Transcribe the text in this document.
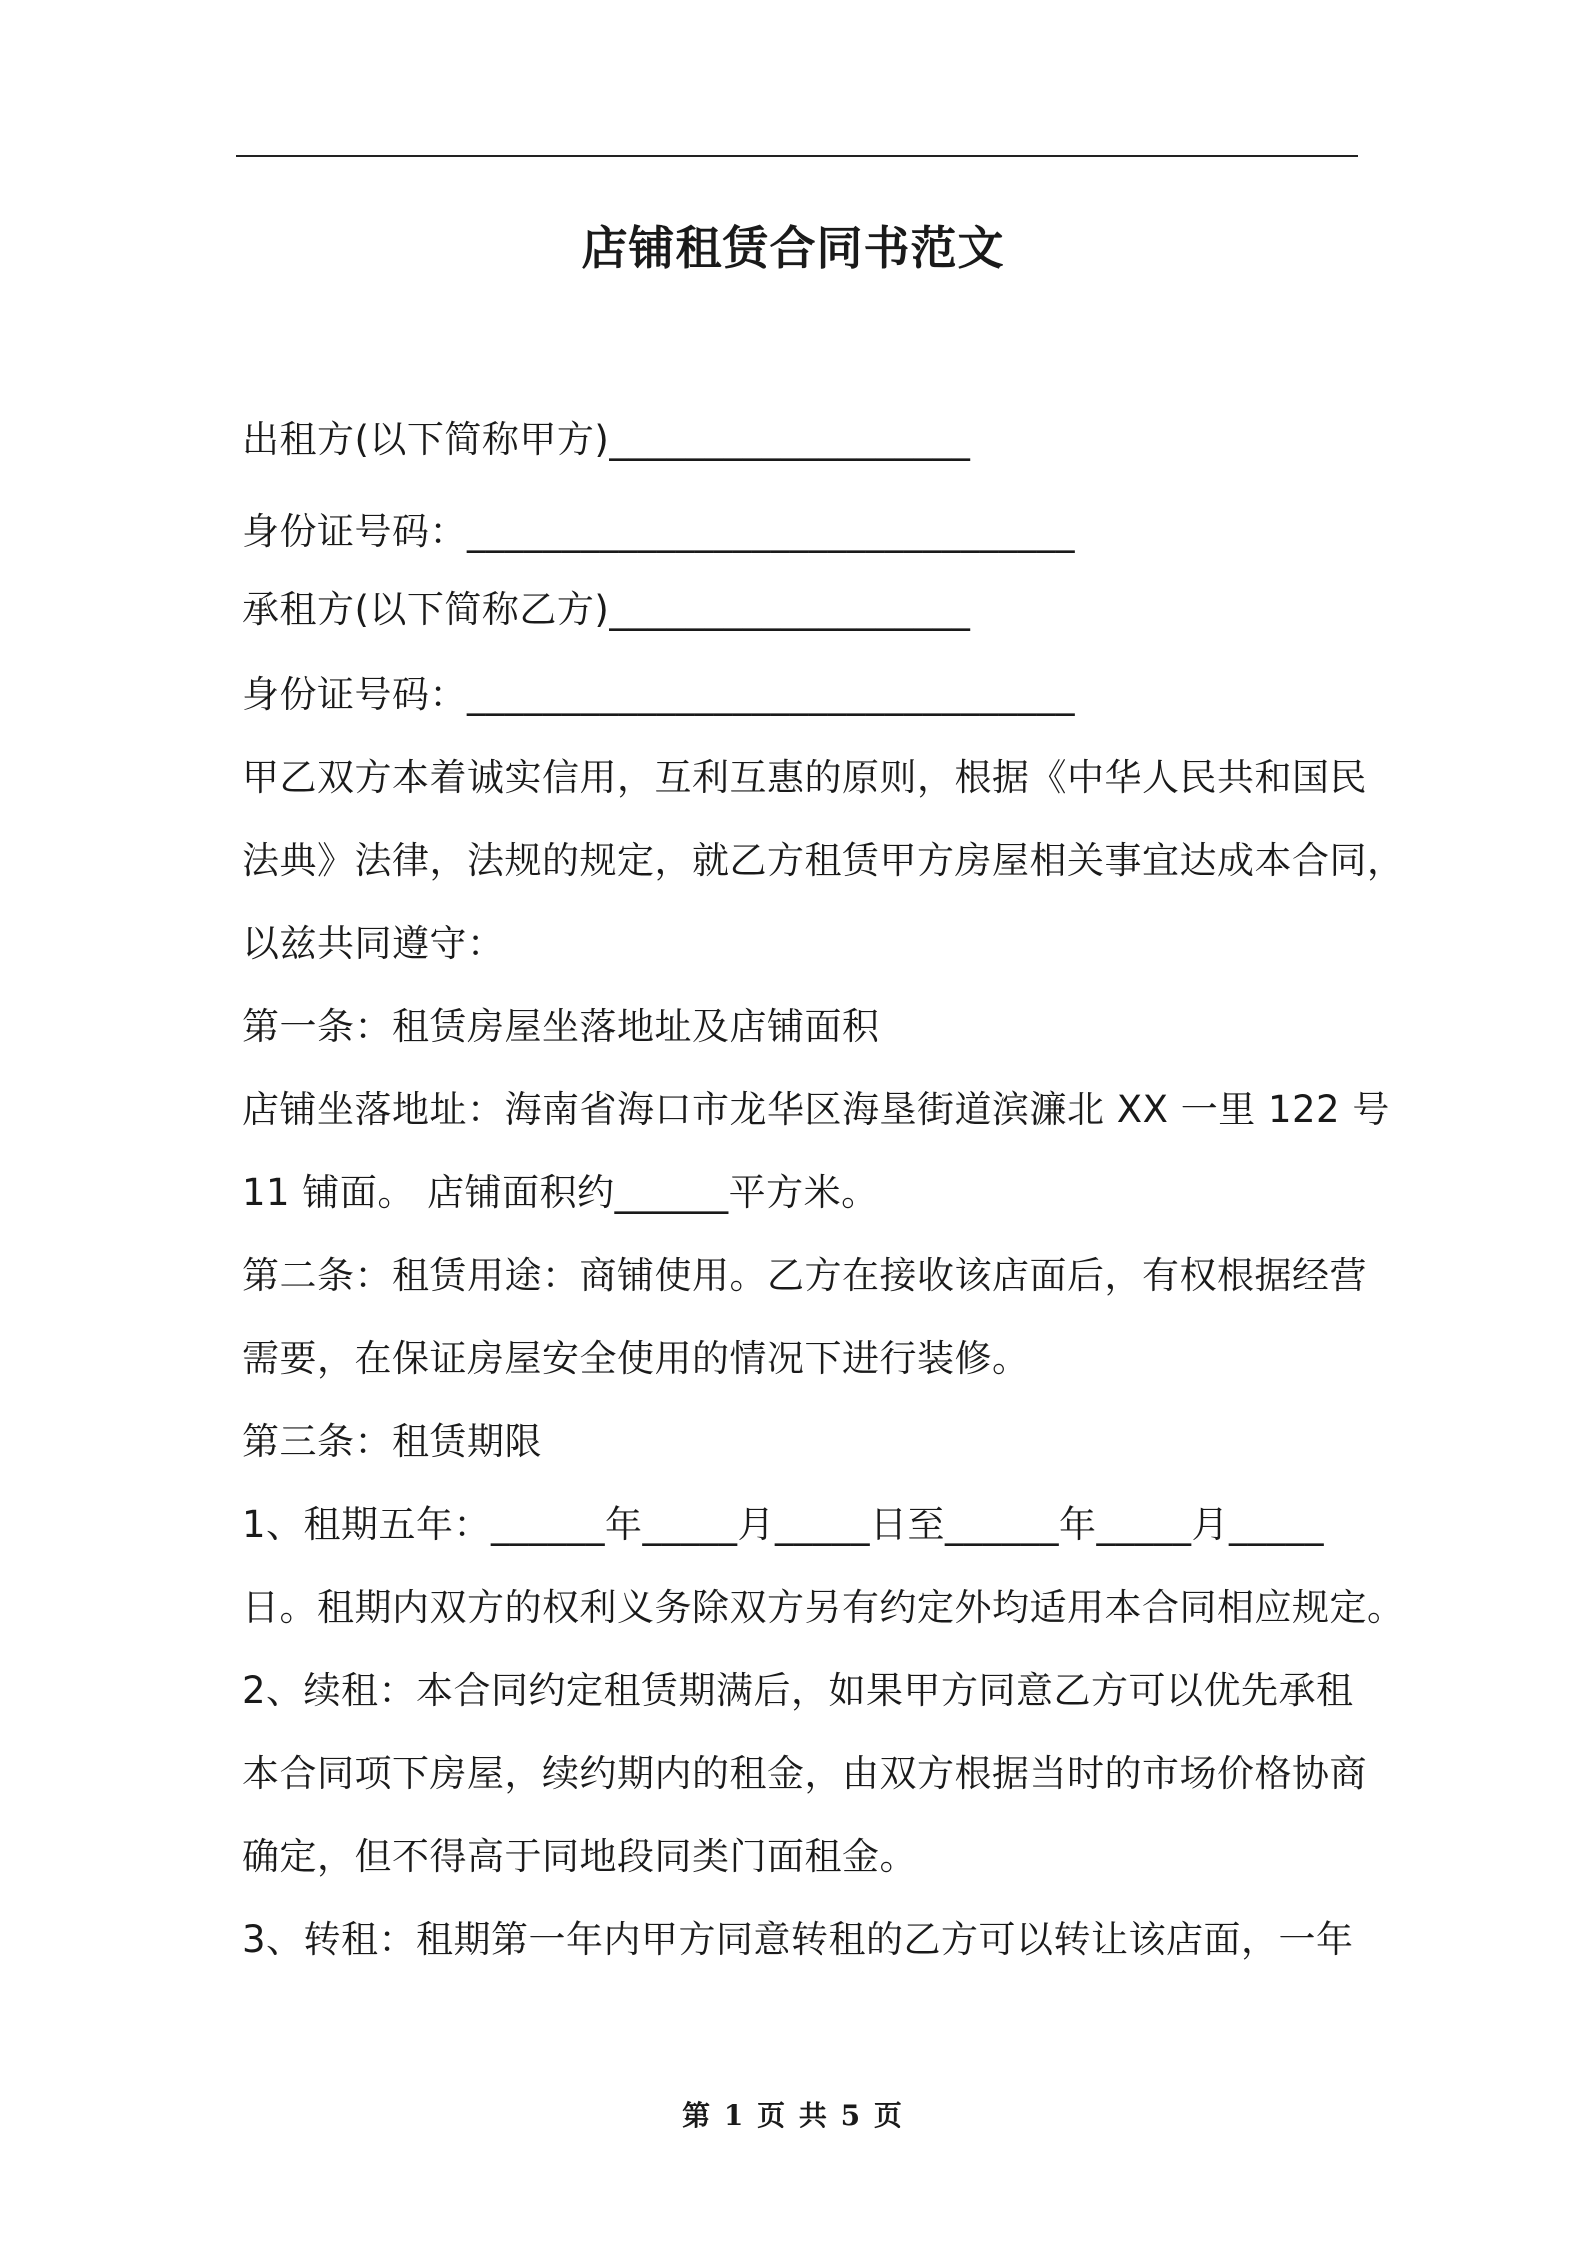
店铺租赁合同书范文
出租方(以下简称甲方)___________________
身份证号码：________________________________
承租方(以下简称乙方)___________________
身份证号码：________________________________
甲乙双方本着诚实信用，互利互惠的原则，根据《中华人民共和国民
法典》法律，法规的规定，就乙方租赁甲方房屋相关事宜达成本合同，
以兹共同遵守：
第一条：租赁房屋坐落地址及店铺面积
店铺坐落地址：海南省海口市龙华区海垦街道滨濂北 XX 一里 122 号
11 铺面。 店铺面积约______平方米。
第二条：租赁用途：商铺使用。乙方在接收该店面后，有权根据经营
需要，在保证房屋安全使用的情况下进行装修。
第三条：租赁期限
1、租期五年：______年_____月_____日至______年_____月_____
日。租期内双方的权利义务除双方另有约定外均适用本合同相应规定。
2、续租：本合同约定租赁期满后，如果甲方同意乙方可以优先承租
本合同项下房屋，续约期内的租金，由双方根据当时的市场价格协商
确定，但不得高于同地段同类门面租金。
3、转租：租期第一年内甲方同意转租的乙方可以转让该店面，一年
第 1 页 共 5 页
